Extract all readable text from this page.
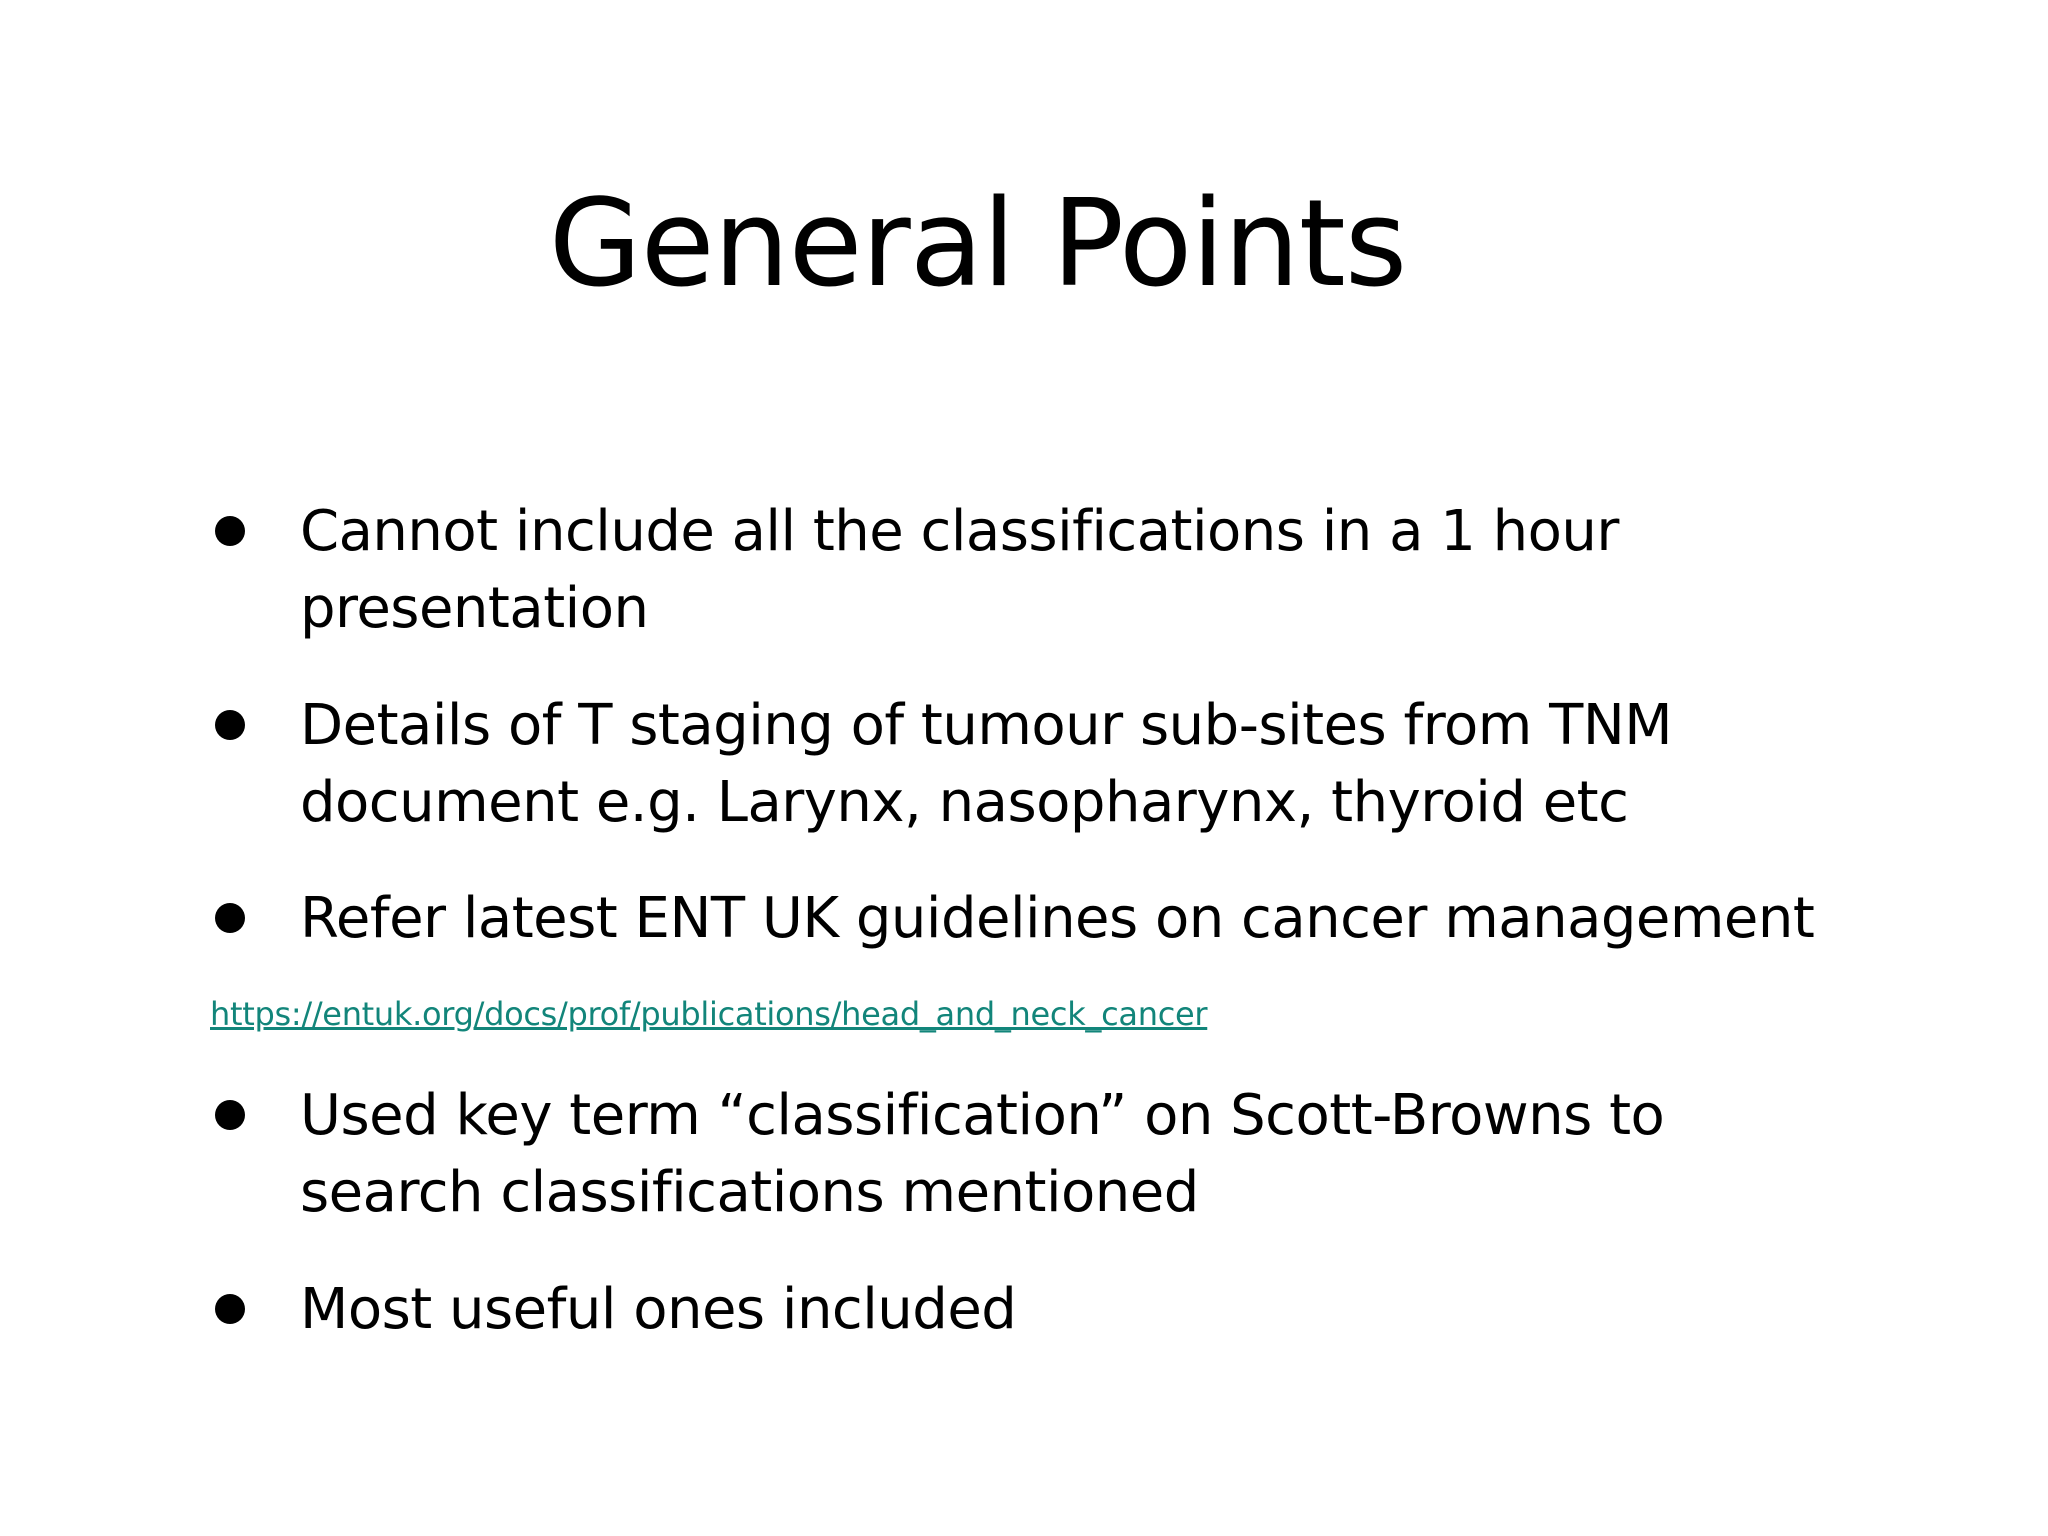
General Points

Cannot include all the classifications in a 1 hour
presentation

Details of T staging of tumour sub-sites from TNM
document e.g. Larynx, nasopharynx, thyroid etc

Refer latest ENT UK guidelines on cancer management

https://entuk.org/docs/prof/publications/head_and_neck_cancer

Used key term “classification” on Scott-Browns to
search classifications mentioned

Most useful ones included
